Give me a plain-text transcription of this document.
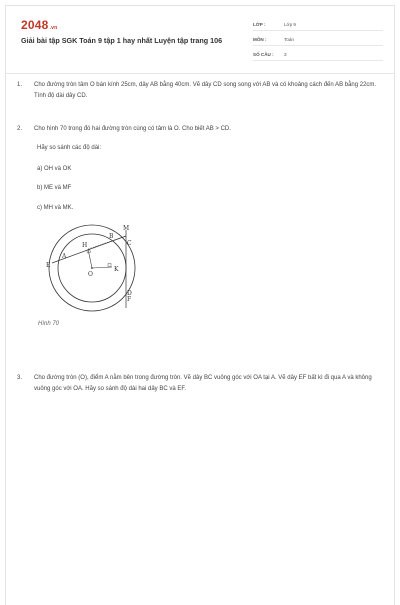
2048.vn
Giải bài tập SGK Toán 9 tập 1 hay nhất Luyện tập trang 106
LỚP :	Lớp 9
MÔN :	Toán
SỐ CÂU :	3
1.	Cho đường tròn tâm O bán kính 25cm, dây AB bằng 40cm. Vẽ dây CD song song với AB và có khoảng cách đến AB bằng 22cm. Tính độ dài dây CD.
2.	Cho hình 70 trong đó hai đường tròn cùng có tâm là O. Cho biết AB > CD.
Hãy so sánh các độ dài:
a) OH và OK
b) ME và MF
c) MH và MK.
M
B
C
H
A
E
O
K
D
F
Hình 70
3.	Cho đường tròn (O), điểm A nằm bên trong đường tròn. Vẽ dây BC vuông góc với OA tại A. Vẽ dây EF bất kì đi qua A và không vuông góc với OA. Hãy so sánh độ dài hai dây BC và EF.
